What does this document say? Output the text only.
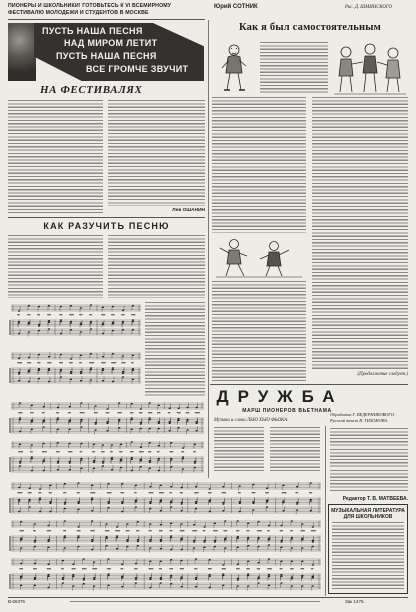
ПИОНЕРЫ И ШКОЛЬНИКИ! ГОТОВЬТЕСЬ К VI ВСЕМИРНОМУ
ФЕСТИВАЛЮ МОЛОДЕЖИ И СТУДЕНТОВ В МОСКВЕ
Юрий СОТНИК	Рис. Д. ШМИНСКОГО
ПУСТЬ НАША ПЕСНЯ
НАД МИРОМ ЛЕТИТ
ПУСТЬ НАША ПЕСНЯ
ВСЕ ГРОМЧЕ ЗВУЧИТ
НА ФЕСТИВАЛЯХ
Лев ОШАНИН
КАК РАЗУЧИТЬ ПЕСНЮ
Как я был самостоятельным
(Продолжение следует.)
ДРУЖБА
МАРШ ПИОНЕРОВ ВЬЕТНАМА
Музыка и слова ЛЬЮ ХЬЮ ФЬОКА.
Обработка Г. ВЕДЕРНИКОВОГО.
Русский текст В. ТИХОНОВА.
Редактор Т. В. МАТВЕЕВА.
МУЗЫКАЛЬНАЯ ЛИТЕРАТУРА ДЛЯ ШКОЛЬНИКОВ
В-06376	Зак 1476.
